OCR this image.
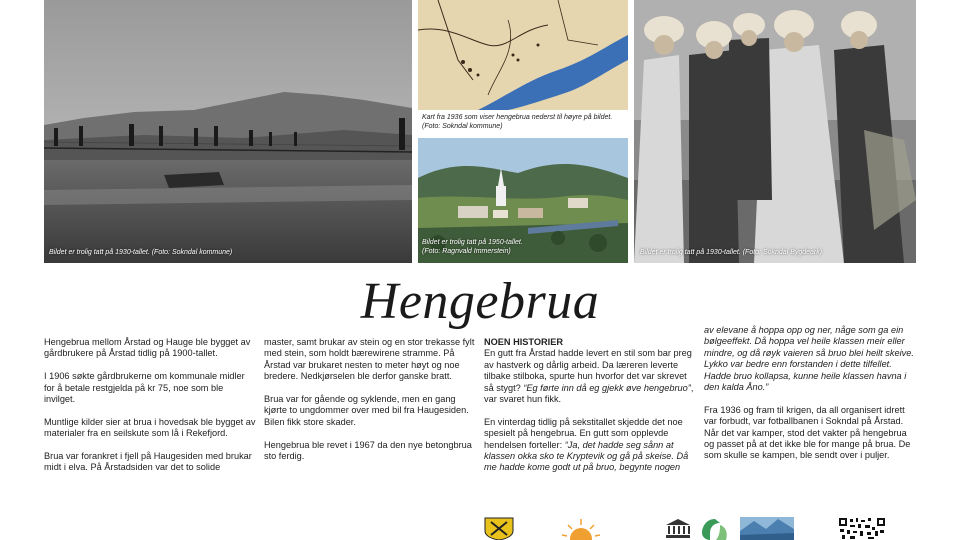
Bildet er trolig tatt på 1930-tallet. (Foto: Sokndal kommune)
Kart fra 1936 som viser hengebrua nederst til høyre på bildet. (Foto: Sokndal kommune)
Bildet er trolig tatt på 1950-tallet.
(Foto: Ragnvald Immerstein)	Bildet er trolig tatt på 1930-tallet. (Foto: Sokndal Bygdeark)
Hengebrua

Hengebrua mellom Årstad og Hauge ble bygget av gårdbrukere på Årstad tidlig på 1900-tallet.

I 1906 søkte gårdbrukerne om kommunale midler for å betale restgjelda på kr 75, noe som ble invilget.

Muntlige kilder sier at brua i hovedsak ble bygget av materialer fra en seilskute som lå i Rekefjord.

Brua var forankret i fjell på Haugesiden med brukar midt i elva. På Årstadsiden var det to solide

master, samt brukar av stein og en stor trekasse fylt med stein, som holdt bærewirene stramme. På Årstad var brukaret nesten to meter høyt og noe bredere. Nedkjørselen ble derfor ganske bratt.

Brua var for gående og syklende, men en gang kjørte to ungdommer over med bil fra Haugesiden. Bilen fikk store skader.

Hengebrua ble revet i 1967 da den nye betongbrua sto ferdig.

NOEN HISTORIER

En gutt fra Årstad hadde levert en stil som bar preg av hastverk og dårlig arbeid. Da læreren leverte tilbake stilboka, spurte hun hvorfor det var skrevet så stygt? “Eg førte inn då eg gjekk øve hengebruo”, var svaret hun fikk.

En vinterdag tidlig på sekstitallet skjedde det noe spesielt på hengebrua. En gutt som opplevde hendelsen forteller: “Ja, det hadde seg sånn at klassen okka sko te Kryptevik og gå på skeise. Då me hadde kome godt ut på bruo, begynte nogen

av elevane å hoppa opp og ner, någe som ga ein bølgeeffekt. Då hoppa vel heile klassen meir eller mindre, og då røyk vaieren så bruo blei heilt skeive. Lykko var bedre enn forstanden i dette tilfellet. Hadde bruo kollapsa, kunne heile klassen havna i den kalda Åno.”

Fra 1936 og fram til krigen, da all organisert idrett var forbudt, var fotballbanen i Sokndal på Årstad. Når det var kamper, stod det vakter på hengebrua og passet på at det ikke ble for mange på brua. De som skulle se kampen, ble sendt over i puljer.
